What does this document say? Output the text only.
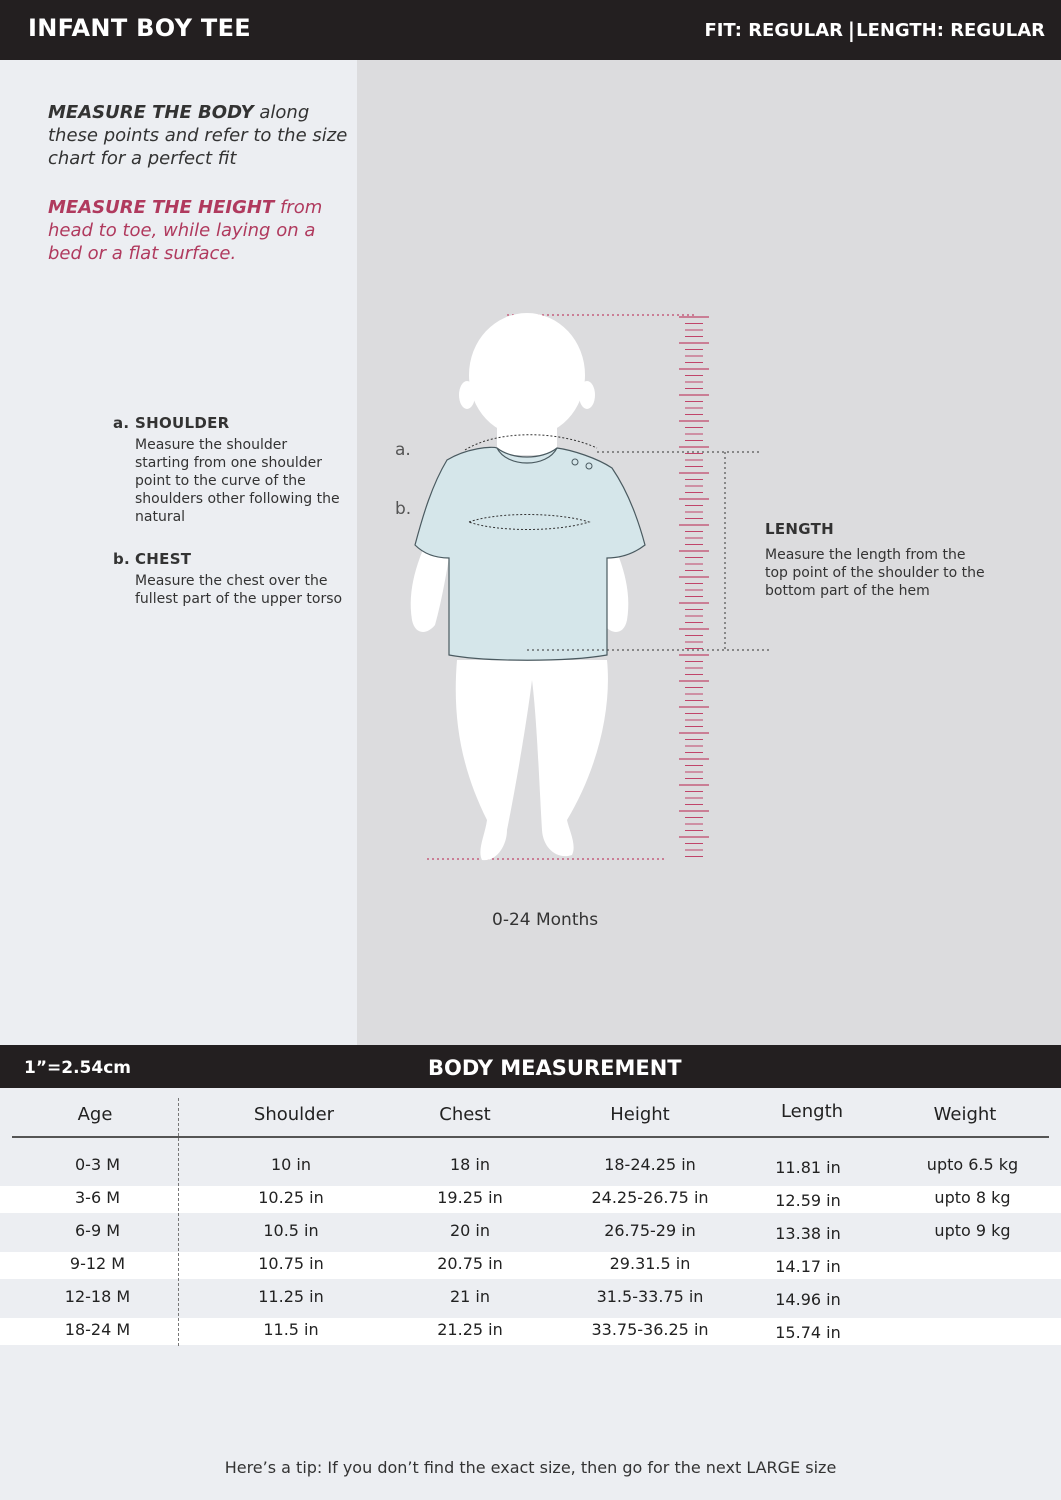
INFANT BOY TEE	FIT: REGULAR | LENGTH: REGULAR
MEASURE THE BODY along these points and refer to the size chart for a perfect fit
MEASURE THE HEIGHT from head to toe, while laying on a bed or a flat surface.
a. SHOULDER
Measure the shoulder starting from one shoulder point to the curve of the shoulders other following the natural
b. CHEST
Measure the chest over the fullest part of the upper torso
a.
b.
LENGTH
Measure the length from the top point of the shoulder to the bottom part of the hem
0-24 Months
1”=2.54cm	BODY MEASUREMENT
Age	Shoulder	Chest	Height	Length	Weight
0-3 M	10 in	18 in	18-24.25 in	11.81 in	upto 6.5 kg
3-6 M	10.25 in	19.25 in	24.25-26.75 in	12.59 in	upto 8 kg
6-9 M	10.5 in	20 in	26.75-29 in	13.38 in	upto 9 kg
9-12 M	10.75 in	20.75 in	29.31.5 in	14.17 in
12-18 M	11.25 in	21 in	31.5-33.75 in	14.96 in
18-24 M	11.5 in	21.25 in	33.75-36.25 in	15.74 in
Here’s a tip: If you don’t find the exact size, then go for the next LARGE size
